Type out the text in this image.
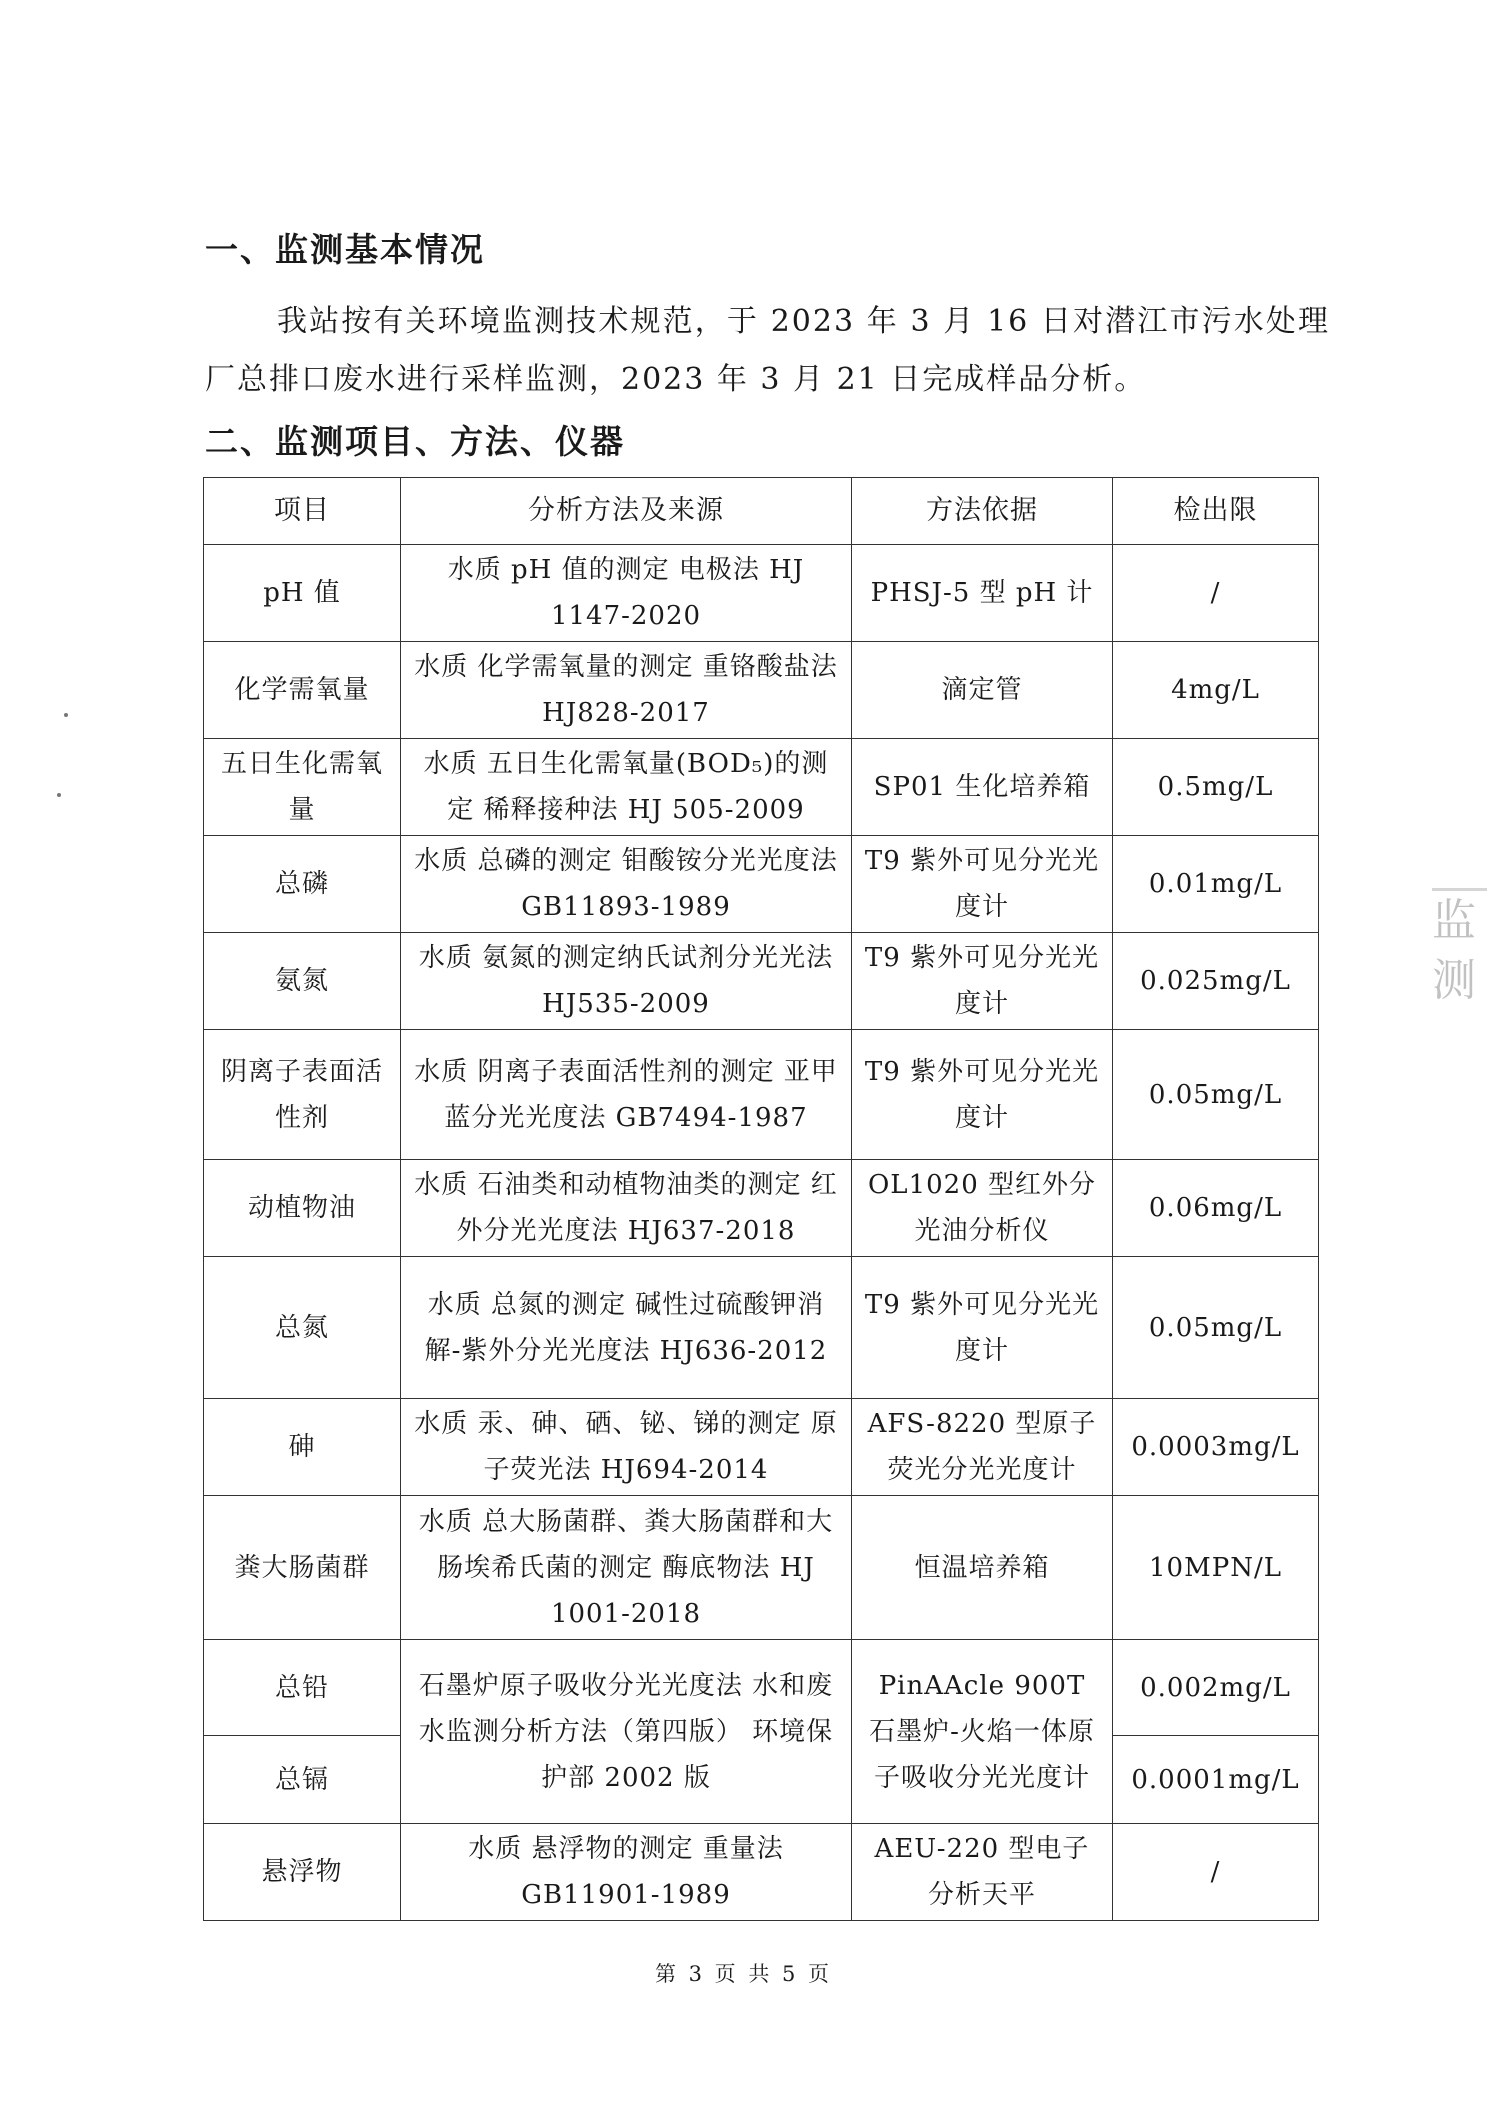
一、监测基本情况
我站按有关环境监测技术规范，于 2023 年 3 月 16 日对潜江市污水处理厂总排口废水进行采样监测，2023 年 3 月 21 日完成样品分析。
二、监测项目、方法、仪器
项目	分析方法及来源	方法依据	检出限
pH 值	水质 pH 值的测定 电极法 HJ 1147-2020	PHSJ-5 型 pH 计	/
化学需氧量	水质 化学需氧量的测定 重铬酸盐法 HJ828-2017	滴定管	4mg/L
五日生化需氧量	水质 五日生化需氧量(BOD₅)的测定 稀释接种法 HJ 505-2009	SP01 生化培养箱	0.5mg/L
总磷	水质 总磷的测定 钼酸铵分光光度法 GB11893-1989	T9 紫外可见分光光度计	0.01mg/L
氨氮	水质 氨氮的测定纳氏试剂分光光法 HJ535-2009	T9 紫外可见分光光度计	0.025mg/L
阴离子表面活性剂	水质 阴离子表面活性剂的测定 亚甲蓝分光光度法 GB7494-1987	T9 紫外可见分光光度计	0.05mg/L
动植物油	水质 石油类和动植物油类的测定 红外分光光度法 HJ637-2018	OL1020 型红外分光油分析仪	0.06mg/L
总氮	水质 总氮的测定 碱性过硫酸钾消解-紫外分光光度法 HJ636-2012	T9 紫外可见分光光度计	0.05mg/L
砷	水质 汞、砷、硒、铋、锑的测定 原子荧光法 HJ694-2014	AFS-8220 型原子荧光分光光度计	0.0003mg/L
粪大肠菌群	水质 总大肠菌群、粪大肠菌群和大肠埃希氏菌的测定 酶底物法 HJ 1001-2018	恒温培养箱	10MPN/L
总铅	石墨炉原子吸收分光光度法 水和废水监测分析方法（第四版） 环境保护部 2002 版	PinAAcle 900T 石墨炉-火焰一体原子吸收分光光度计	0.002mg/L
总镉			0.0001mg/L
悬浮物	水质 悬浮物的测定 重量法 GB11901-1989	AEU-220 型电子分析天平	/
第 3 页 共 5 页
监测
